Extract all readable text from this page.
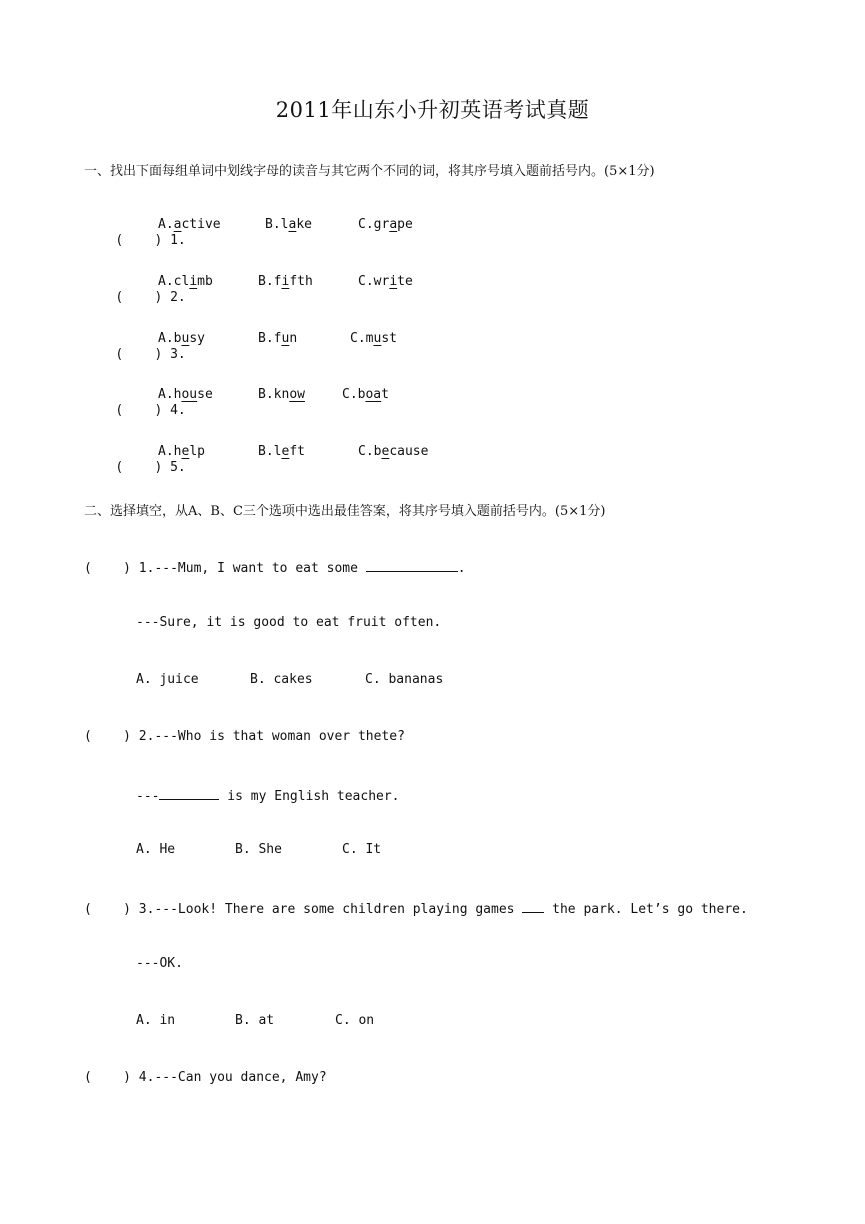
2011年山东小升初英语考试真题
一、找出下面每组单词中划线字母的读音与其它两个不同的词，将其序号填入题前括号内。(5×1分)

( ) 1.

A.active	B.lake	C.grape

( ) 2.

A.climb	B.fifth	C.write

( ) 3.

A.busy	B.fun	C.must

( ) 4.

A.house	B.know	C.boat

( ) 5.

A.help	B.left	C.because
二、选择填空，从A、B、C三个选项中选出最佳答案，将其序号填入题前括号内。(5×1分)
( ) 1.---Mum, I want to eat some	.
---Sure, it is good to eat fruit often.
A. juice	B. cakes	C. bananas
( ) 2.---Who is that woman over thete?
---	is my English teacher.
A. He	B. She	C. It
( ) 3.---Look! There are some children playing games  the park. Let’s go there.
---OK.
A. in	B. at	C. on
( ) 4.---Can you dance, Amy?
